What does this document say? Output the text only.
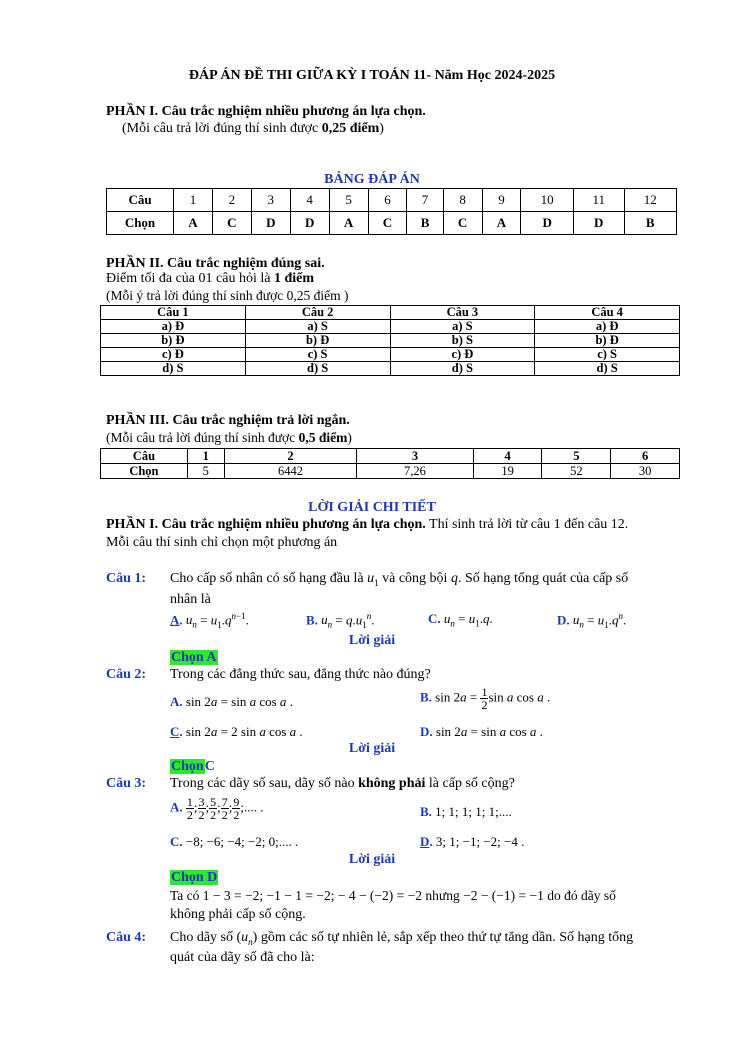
ĐÁP ÁN ĐỀ THI GIỮA KỲ I TOÁN 11- Năm Học 2024-2025
PHẦN I. Câu trắc nghiệm nhiều phương án lựa chọn.
(Mỗi câu trả lời đúng thí sinh được 0,25 điểm)
BẢNG ĐÁP ÁN
Câu	1	2	3	4	5	6	7	8	9	10	11	12
Chọn	A	C	D	D	A	C	B	C	A	D	D	B
PHẦN II. Câu trắc nghiệm đúng sai.
Điểm tối đa của 01 câu hỏi là 1 điểm
(Mỗi ý trả lời đúng thí sinh được 0,25 điểm )
Câu 1	Câu 2	Câu 3	Câu 4
a) Đ	a) S	a) S	a) Đ
b) Đ	b) Đ	b) S	b) Đ
c) Đ	c) S	c) Đ	c) S
d) S	d) S	d) S	d) S
PHẦN III. Câu trắc nghiệm trả lời ngắn.
(Mỗi câu trả lời đúng thí sinh được 0,5 điểm)
Câu	1	2	3	4	5	6
Chọn	5	6442	7,26	19	52	30
LỜI GIẢI CHI TIẾT
PHẦN I. Câu trắc nghiệm nhiều phương án lựa chọn. Thí sinh trả lời từ câu 1 đến câu 12.
Mỗi câu thí sinh chỉ chọn một phương án
Câu 1: Cho cấp số nhân có số hạng đầu là $u_1$ và công bội q. Số hạng tổng quát của cấp số
nhân là
A. $u_n = u_1.q^{n-1}$.	B. $u_n = q.u_1^n$.	C. $u_n = u_1.q$.	D. $u_n = u_1.q^n$.
Lời giải
Chọn A
Câu 2: Trong các đẳng thức sau, đẳng thức nào đúng?
A. sin 2a = sin a cos a .	B. $\sin 2a = \frac{1}{2}$ sin a cos a .
C. sin 2a = 2 sin a cos a .	D. sin 2a = sin a cos a .
Lời giải
ChọnC
Câu 3: Trong các dãy số sau, dãy số nào không phải là cấp số cộng?
A. $\frac{1}{2}$ ; $\frac{3}{2}$ ; $\frac{5}{2}$ ; $\frac{7}{2}$ ; $\frac{9}{2}$ ;.... .	B. 1; 1; 1; 1; 1;....
C. −8; −6; −4; −2; 0;.... .	D. 3; 1; −1; −2; −4 .
Lời giải
Chọn D
Ta có 1 − 3 = −2; −1 − 1 = −2; − 4 − (−2) = −2 nhưng −2 − (−1) = −1 do đó dãy số
không phải cấp số cộng.
Câu 4: Cho dãy số $(u_n)$ gồm các số tự nhiên lẻ, sắp xếp theo thứ tự tăng dần. Số hạng tổng
quát của dãy số đã cho là:
